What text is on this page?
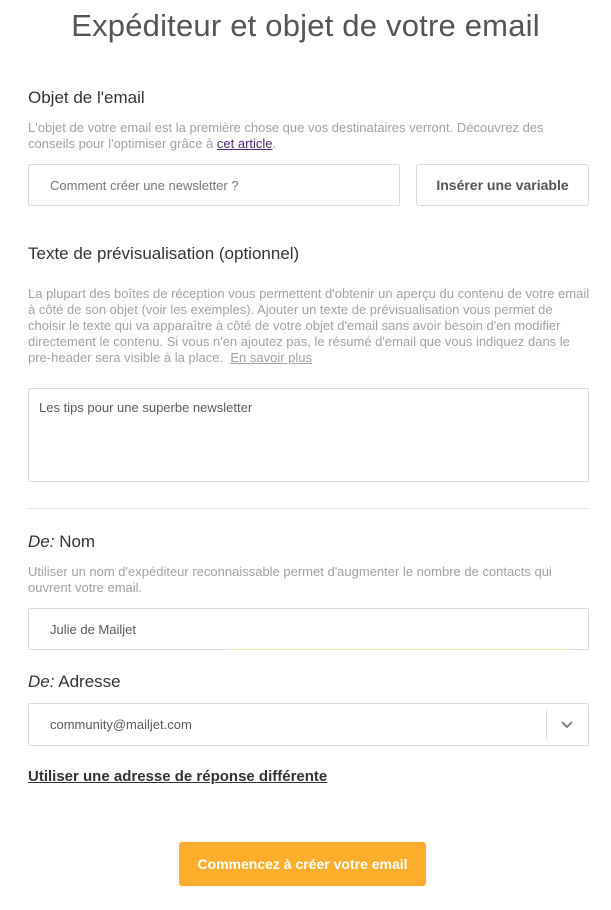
Expéditeur et objet de votre email
Objet de l'email
L'objet de votre email est la première chose que vos destinataires verront. Découvrez des conseils pour l'optimiser grâce à cet article.
Comment créer une newsletter ?	Insérer une variable
Texte de prévisualisation (optionnel)
La plupart des boîtes de réception vous permettent d'obtenir un aperçu du contenu de votre email à côté de son objet (voir les exemples). Ajouter un texte de prévisualisation vous permet de choisir le texte qui va apparaître à côté de votre objet d'email sans avoir besoin d'en modifier directement le contenu. Si vous n'en ajoutez pas, le résumé d'email que vous indiquez dans le pre-header sera visible à la place. En savoir plus
Les tips pour une superbe newsletter
De: Nom
Utiliser un nom d'expéditeur reconnaissable permet d'augmenter le nombre de contacts qui ouvrent votre email.
Julie de Mailjet
De: Adresse
community@mailjet.com
Utiliser une adresse de réponse différente
Commencez à créer votre email
